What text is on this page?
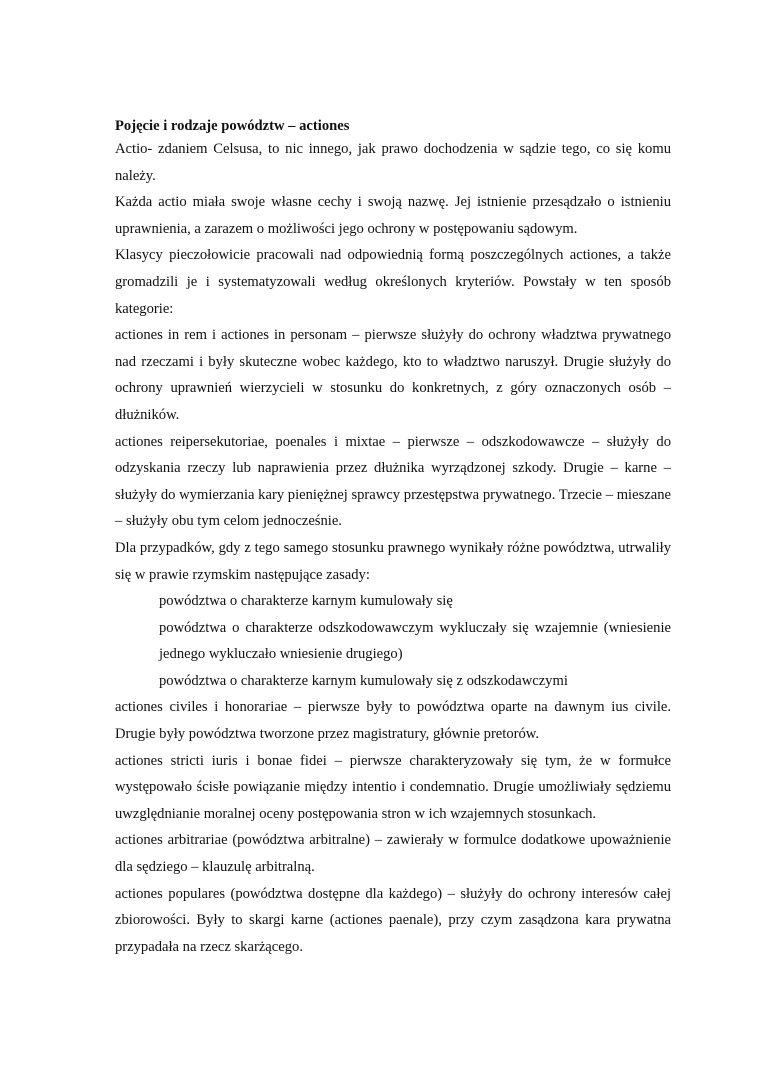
Pojęcie i rodzaje powództw – actiones

Actio- zdaniem Celsusa, to nic innego, jak prawo dochodzenia w sądzie tego, co się komu należy.

Każda actio miała swoje własne cechy i swoją nazwę. Jej istnienie przesądzało o istnieniu uprawnienia, a zarazem o możliwości jego ochrony w postępowaniu sądowym.

Klasycy pieczołowicie pracowali nad odpowiednią formą poszczególnych actiones, a także gromadzili je i systematyzowali według określonych kryteriów. Powstały w ten sposób kategorie:

actiones in rem i actiones in personam – pierwsze służyły do ochrony władztwa prywatnego nad rzeczami i były skuteczne wobec każdego, kto to władztwo naruszył. Drugie służyły do ochrony uprawnień wierzycieli w stosunku do konkretnych, z góry oznaczonych osób – dłużników.

actiones reipersekutoriae, poenales i mixtae – pierwsze – odszkodowawcze – służyły do odzyskania rzeczy lub naprawienia przez dłużnika wyrządzonej szkody. Drugie – karne – służyły do wymierzania kary pieniężnej sprawcy przestępstwa prywatnego. Trzecie – mieszane – służyły obu tym celom jednocześnie.

Dla przypadków, gdy z tego samego stosunku prawnego wynikały różne powództwa, utrwaliły się w prawie rzymskim następujące zasady:

powództwa o charakterze karnym kumulowały się

powództwa o charakterze odszkodowawczym wykluczały się wzajemnie (wniesienie jednego wykluczało wniesienie drugiego)

powództwa o charakterze karnym kumulowały się z odszkodawczymi

actiones civiles i honorariae – pierwsze były to powództwa oparte na dawnym ius civile. Drugie były powództwa tworzone przez magistratury, głównie pretorów.

actiones stricti iuris i bonae fidei – pierwsze charakteryzowały się tym, że w formułce występowało ścisłe powiązanie między intentio i condemnatio. Drugie umożliwiały sędziemu uwzględnianie moralnej oceny postępowania stron w ich wzajemnych stosunkach.

actiones arbitrariae (powództwa arbitralne) – zawierały w formulce dodatkowe upoważnienie dla sędziego – klauzulę arbitralną.

actiones populares (powództwa dostępne dla każdego) – służyły do ochrony interesów całej zbiorowości. Były to skargi karne (actiones paenale), przy czym zasądzona kara prywatna przypadała na rzecz skarżącego.
